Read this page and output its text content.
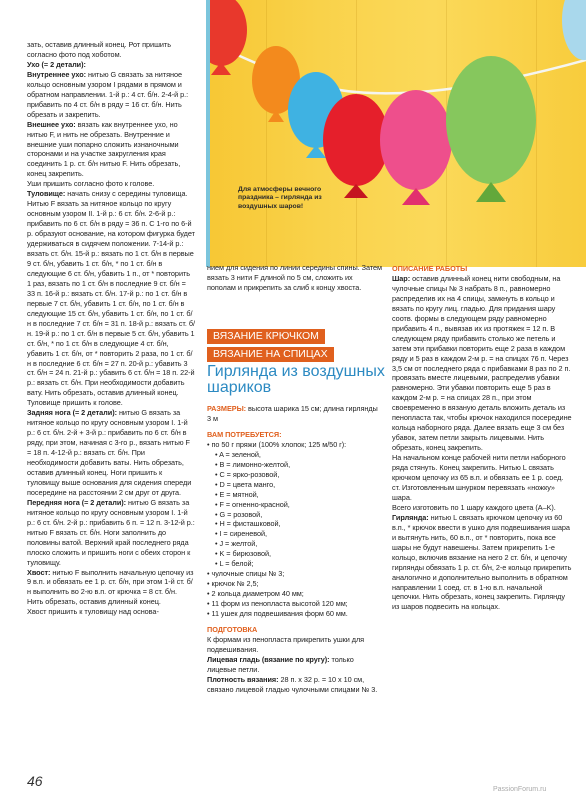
зать, оставив длинный конец. Рот пришить согласно фото под хоботом.

Ухо (= 2 детали):

Внутреннее ухо: нитью G связать за нитяное кольцо основным узором I рядами в прямом и обратном направлении. 1-й р.: 4 ст. б/н. 2-4-й р.: прибавить по 4 ст. б/н в ряду = 16 ст. б/н. Нить обрезать и закрепить.

Внешнее ухо: вязать как внутреннее ухо, но нитью F, и нить не обрезать. Внутренние и внешние уши попарно сложить изнаночными сторонами и на участке закругления края соединить 1 р. ст. б/н нитью F. Нить обрезать, конец закрепить.

Уши пришить согласно фото к голове.

Туловище: начать снизу с середины туловища. Нитью F вязать за нитяное кольцо по кругу основным узором II. 1-й р.: 6 ст. б/н. 2-6-й р.: прибавить по 6 ст. б/н в ряду = 36 п. С 1-го по 6-й р. образуют основание, на котором фигурка будет удерживаться в сидячем положении. 7-14-й р.: вязать ст. б/н. 15-й р.: вязать по 1 ст. б/н в первые 9 ст. б/н, убавить 1 ст. б/н, * по 1 ст. б/н в следующие 6 ст. б/н, убавить 1 п., от * повторить 1 раз, вязать по 1 ст. б/н в последние 9 ст. б/н = 33 п. 16-й р.: вязать ст. б/н. 17-й р.: по 1 ст. б/н в первые 7 ст. б/н, убавить 1 ст. б/н, по 1 ст. б/н в следующие 15 ст. б/н, убавить 1 ст. б/н, по 1 ст. б/н в последние 7 ст. б/н = 31 п. 18-й р.: вязать ст. б/н. 19-й р.: по 1 ст. б/н в первые 5 ст. б/н, убавить 1 ст. б/н, * по 1 ст. б/н в следующие 4 ст. б/н, убавить 1 ст. б/н, от * повторить 2 раза, по 1 ст. б/н в последние 6 ст. б/н = 27 п. 20-й р.: убавить 3 ст. б/н = 24 п. 21-й р.: убавить 6 ст. б/н = 18 п. 22-й р.: вязать ст. б/н. При необходимости добавить вату. Нить обрезать, оставив длинный конец. Туловище пришить к голове.

Задняя нога (= 2 детали): нитью G вязать за нитяное кольцо по кругу основным узором I. 1-й р.: 6 ст. б/н. 2-й + 3-й р.: прибавить по 6 ст. б/н в ряду, при этом, начиная с 3-го р., вязать нитью F = 18 п. 4-12-й р.: вязать ст. б/н. При необходимости добавить ваты. Нить обрезать, оставив длинный конец. Ноги пришить к туловищу выше основания для сидения спереди посередине на расстоянии 2 см друг от друга.

Передняя нога (= 2 детали): нитью G вязать за нитяное кольцо по кругу основным узором I. 1-й р.: 6 ст. б/н. 2-й р.: прибавить 6 п. = 12 п. 3-12-й р.: нитью F вязать ст. б/н. Ноги заполнить до половины ватой. Верхний край последнего ряда плоско сложить и пришить ноги с обеих сторон к туловищу.

Хвост: нитью F выполнить начальную цепочку из 9 в.п. и обвязать ее 1 р. ст. б/н, при этом 1-й ст. б/н выполнить во 2-ю в.п. от крючка = 8 ст. б/н. Нить обрезать, оставив длинный конец.

Хвост пришить к туловищу над основа-

Для атмосферы вечного праздника – гирлянда из воздушных шаров!

нием для сидения по линии середины спины. Затем вязать 3 нити F длиной по 5 см, сложить их пополам и прикрепить за слиб к концу хвоста.

ВЯЗАНИЕ КРЮЧКОМ
ВЯЗАНИЕ НА СПИЦАХ
Гирлянда из воздушных шариков

РАЗМЕРЫ: высота шарика 15 см; длина гирлянды 3 м

ВАМ ПОТРЕБУЕТСЯ:

• по 50 г пряжи (100% хлопок; 125 м/50 г):

• A = зеленой,

• B = лимонно-желтой,

• C = ярко-розовой,

• D = цвета манго,

• E = мятной,

• F = огненно-красной,

• G = розовой,

• H = фисташковой,

• I = сиреневой,

• J = желтой,

• K = бирюзовой,

• L = белой;

• чулочные спицы № 3;

• крючок № 2,5;

• 2 кольца диаметром 40 мм;

• 11 форм из пенопласта высотой 120 мм;

• 11 ушек для подвешивания форм 60 мм.

ПОДГОТОВКА

К формам из пенопласта прикрепить ушки для подвешивания.

Лицевая гладь (вязание по кругу): только лицевые петли.

Плотность вязания: 28 п. x 32 р. = 10 x 10 см, связано лицевой гладью чулочными спицами № 3.

ОПИСАНИЕ РАБОТЫ

Шар: оставив длинный конец нити свободным, на чулочные спицы № 3 набрать 8 п., равномерно распределив их на 4 спицы, замкнуть в кольцо и вязать по кругу лиц. гладью. Для придания шару соотв. формы в следующем ряду равномерно прибавить 4 п., вывязав их из протяжек = 12 п. В следующем ряду прибавить столько же петель и затем эти прибавки повторить еще 2 раза в каждом ряду и 5 раз в каждом 2-м р. = на спицах 76 п. Через 3,5 см от последнего ряда с прибавками 8 раз по 2 п. провязать вместе лицевыми, распределив убавки равномерно. Эти убавки повторить еще 5 раз в каждом 2-м р. = на спицах 28 п., при этом своевременно в вязаную деталь вложить деталь из пенопласта так, чтобы крючок находился посередине кольца наборного ряда. Далее вязать еще 3 см без убавок, затем петли закрыть лицевыми. Нить обрезать, конец закрепить.

На начальном конце рабочей нити петли наборного ряда стянуть. Конец закрепить. Нитью L связать крючком цепочку из 65 в.п. и обвязать ее 1 р. соед. ст. Изготовленным шнурком перевязать «ножку» шара.

Всего изготовить по 1 шару каждого цвета (A–K).

Гирлянда: нитью L связать крючком цепочку из 60 в.п., * крючок ввести в ушко для подвешивания шара и вытянуть нить, 60 в.п., от * повторить, пока все шары не будут навешены. Затем прикрепить 1-е кольцо, включив вязание на него 2 ст. б/н, и цепочку гирлянды обвязать 1 р. ст. б/н, 2-е кольцо прикрепить аналогично и дополнительно выполнить в обратном направлении 1 соед. ст. в 1-ю в.п. начальной цепочки. Нить обрезать, конец закрепить. Гирлянду из шаров подвесить на кольцах.

46
PassionForum.ru
